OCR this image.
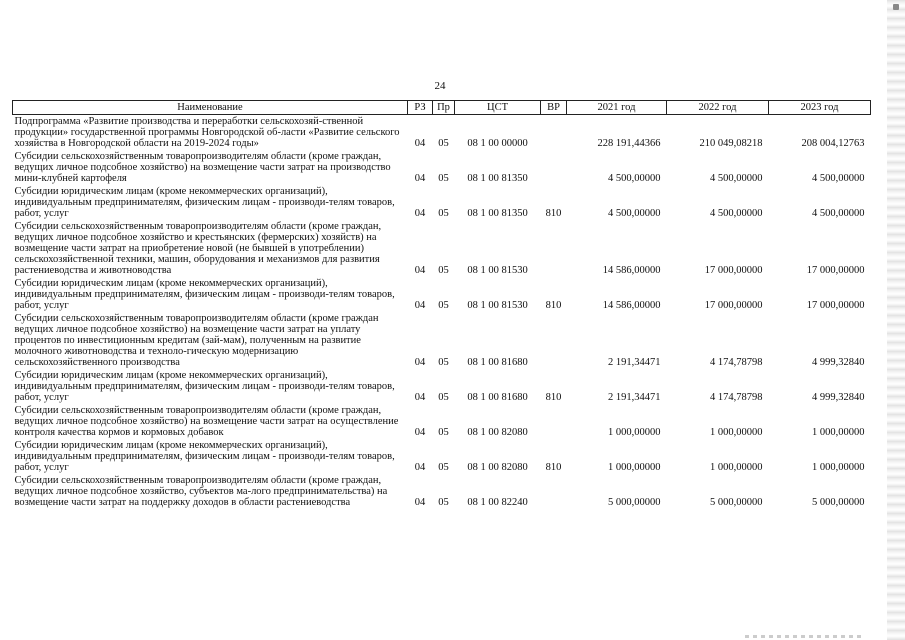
24
Наименование	РЗ	Пр	ЦСТ	ВР	2021 год	2022 год	2023 год
Подпрограмма «Развитие производства и переработки сельскохозяй-ственной продукции» государственной программы Новгородской об-ласти «Развитие сельского хозяйства в Новгородской области на 2019-2024 годы»	04	05	08 1 00 00000		228 191,44366	210 049,08218	208 004,12763
Субсидии сельскохозяйственным товаропроизводителям области (кроме граждан, ведущих личное подсобное хозяйство) на возмещение части затрат на производство мини-клубней картофеля	04	05	08 1 00 81350		4 500,00000	4 500,00000	4 500,00000
Субсидии юридическим лицам (кроме некоммерческих организаций), индивидуальным предпринимателям, физическим лицам - производи-телям товаров, работ, услуг	04	05	08 1 00 81350	810	4 500,00000	4 500,00000	4 500,00000
Субсидии сельскохозяйственным товаропроизводителям области (кроме граждан, ведущих личное подсобное хозяйство и крестьянских (фермерских) хозяйств) на возмещение части затрат на приобретение новой (не бывшей в употреблении) сельскохозяйственной техники, машин, оборудования и механизмов для развития растениеводства и животноводства	04	05	08 1 00 81530		14 586,00000	17 000,00000	17 000,00000
Субсидии юридическим лицам (кроме некоммерческих организаций), индивидуальным предпринимателям, физическим лицам - производи-телям товаров, работ, услуг	04	05	08 1 00 81530	810	14 586,00000	17 000,00000	17 000,00000
Субсидии сельскохозяйственным товаропроизводителям области (кроме граждан ведущих личное подсобное хозяйство) на возмещение части затрат на уплату процентов по инвестиционным кредитам (зай-мам), полученным на развитие молочного животноводства и техноло-гическую модернизацию сельскохозяйственного производства	04	05	08 1 00 81680		2 191,34471	4 174,78798	4 999,32840
Субсидии юридическим лицам (кроме некоммерческих организаций), индивидуальным предпринимателям, физическим лицам - производи-телям товаров, работ, услуг	04	05	08 1 00 81680	810	2 191,34471	4 174,78798	4 999,32840
Субсидии сельскохозяйственным товаропроизводителям области (кроме граждан, ведущих личное подсобное хозяйство) на возмещение части затрат на осуществление контроля качества кормов и кормовых добавок	04	05	08 1 00 82080		1 000,00000	1 000,00000	1 000,00000
Субсидии юридическим лицам (кроме некоммерческих организаций), индивидуальным предпринимателям, физическим лицам - производи-телям товаров, работ, услуг	04	05	08 1 00 82080	810	1 000,00000	1 000,00000	1 000,00000
Субсидии сельскохозяйственным товаропроизводителям области (кроме граждан, ведущих личное подсобное хозяйство, субъектов ма-лого предпринимательства) на возмещение части затрат на поддержку доходов в области растениеводства	04	05	08 1 00 82240		5 000,00000	5 000,00000	5 000,00000
